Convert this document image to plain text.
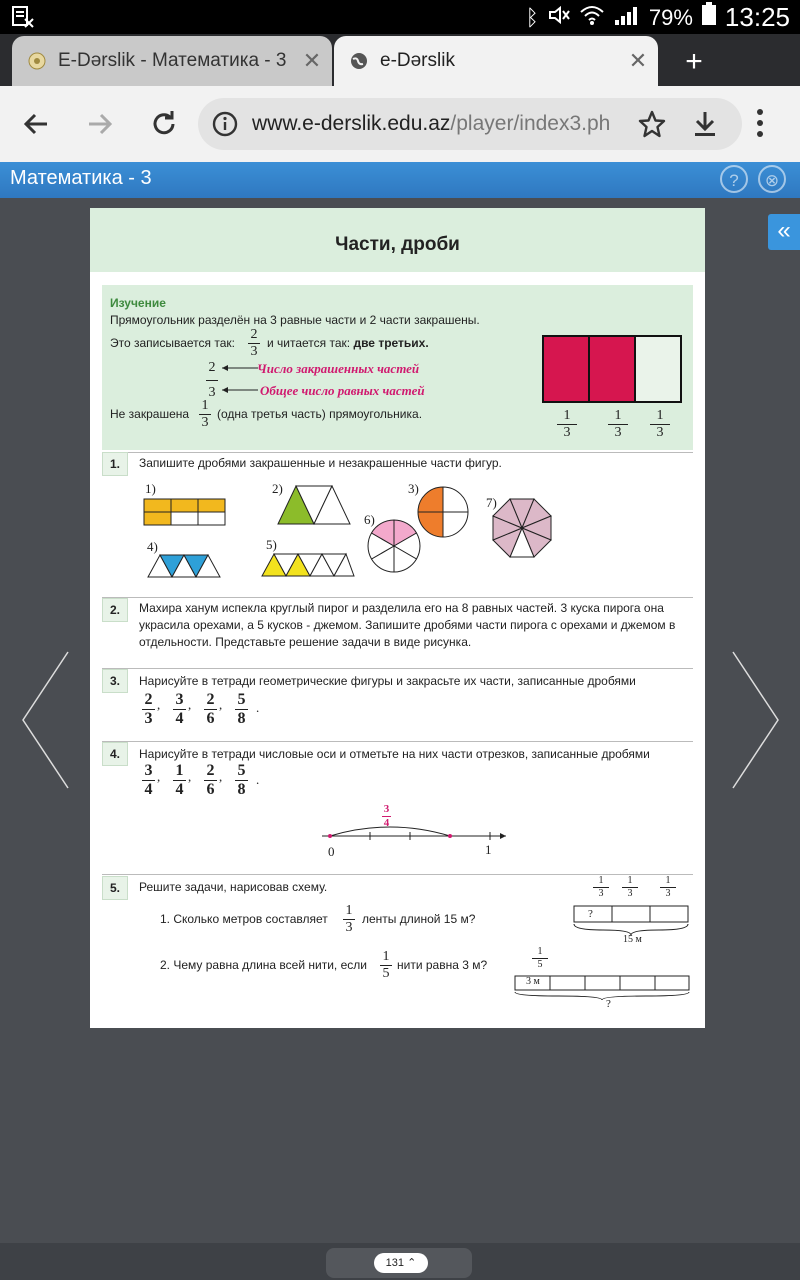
ᛒ	79% 13:25
E-Dərslik - Математика - 3 ✕	e-Dərslik	✕	+
www.e-derslik.edu.az/player/index3.ph
Математика - 3	?	⊗
«
Части, дроби
Изучение
Прямоугольник разделён на 3 равные части и 2 части закрашены.
Это записывается так:
2
3
и читается так: две третьих.
2
3
Число закрашенных частей
Общее число равных частей
Не закрашена
1
3
(одна третья часть) прямоугольника.	1
3
1
3
1
3
1.	Запишите дробями закрашенные и незакрашенные части фигур.
1)	2)	3)
7)
6)
4)	5)
2.	Махира ханум испекла круглый пирог и разделила его на 8 равных частей. 3 куска пирога она украсила орехами, а 5 кусков - джемом. Запишите дробями части пирога с орехами и джемом в отдельности. Представьте решение задачи в виде рисунка.
3.	Нарисуйте в тетради геометрические фигуры и закрасьте их части, записанные дробями
2
3
, 3
4
, 2
6
, 5
8
.
4.	Нарисуйте в тетради числовые оси и отметьте на них части отрезков, записанные дробями
3
4
, 1
4
, 2
6
, 5
8
.
3
4
0	1
5.	Решите задачи, нарисовав схему.
1. Сколько метров составляет
1
3
ленты длиной 15 м?
2. Чему равна длина всей нити, если
1
5
нити равна 3 м?
1
3
1
3
1
3
?
15 м
1
5
3 м
?
131 ⌃
